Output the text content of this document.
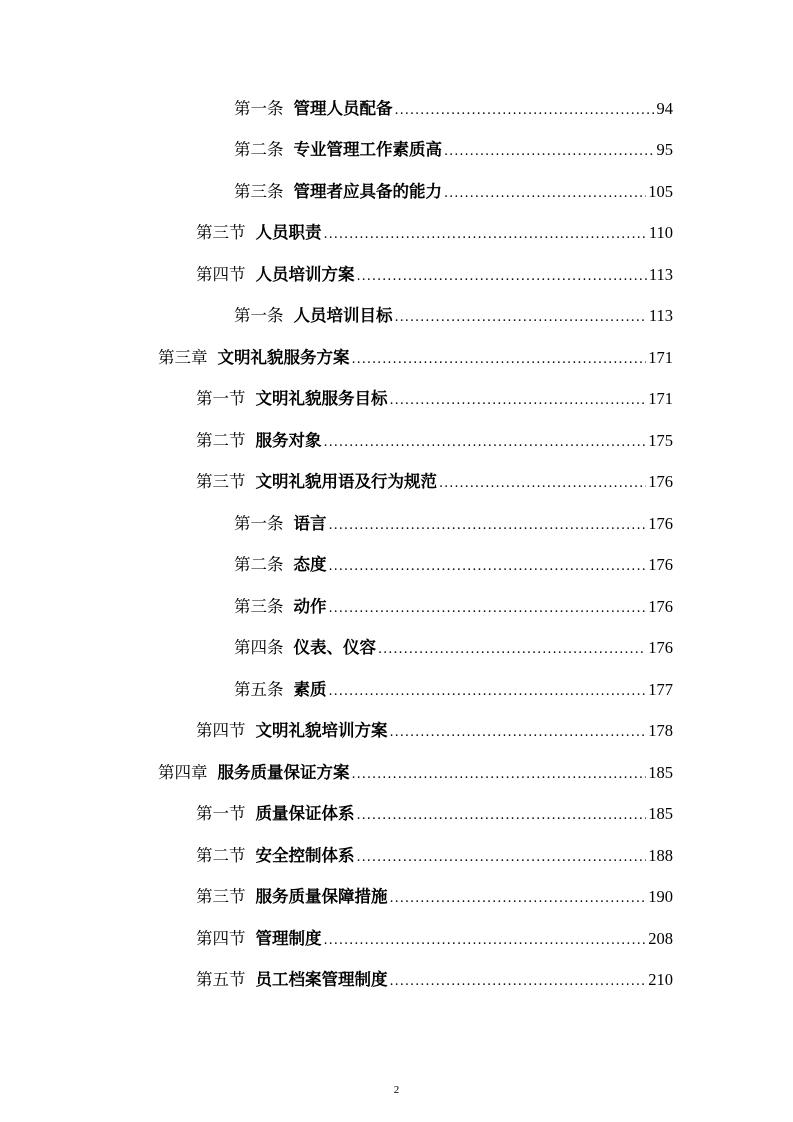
第一条 管理人员配备 .....	94
第二条 专业管理工作素质高 .....	95
第三条 管理者应具备的能力 .....	105
第三节 人员职责 .....	110
第四节 人员培训方案 .....	113
第一条 人员培训目标 .....	113
第三章 文明礼貌服务方案 .....	171
第一节 文明礼貌服务目标 .....	171
第二节 服务对象 .....	175
第三节 文明礼貌用语及行为规范 .....	176
第一条 语言 .....	176
第二条 态度 .....	176
第三条 动作 .....	176
第四条 仪表、仪容 .....	176
第五条 素质 .....	177
第四节 文明礼貌培训方案 .....	178
第四章 服务质量保证方案 .....	185
第一节 质量保证体系 .....	185
第二节 安全控制体系 .....	188
第三节 服务质量保障措施 .....	190
第四节 管理制度 .....	208
第五节 员工档案管理制度 .....	210
2
